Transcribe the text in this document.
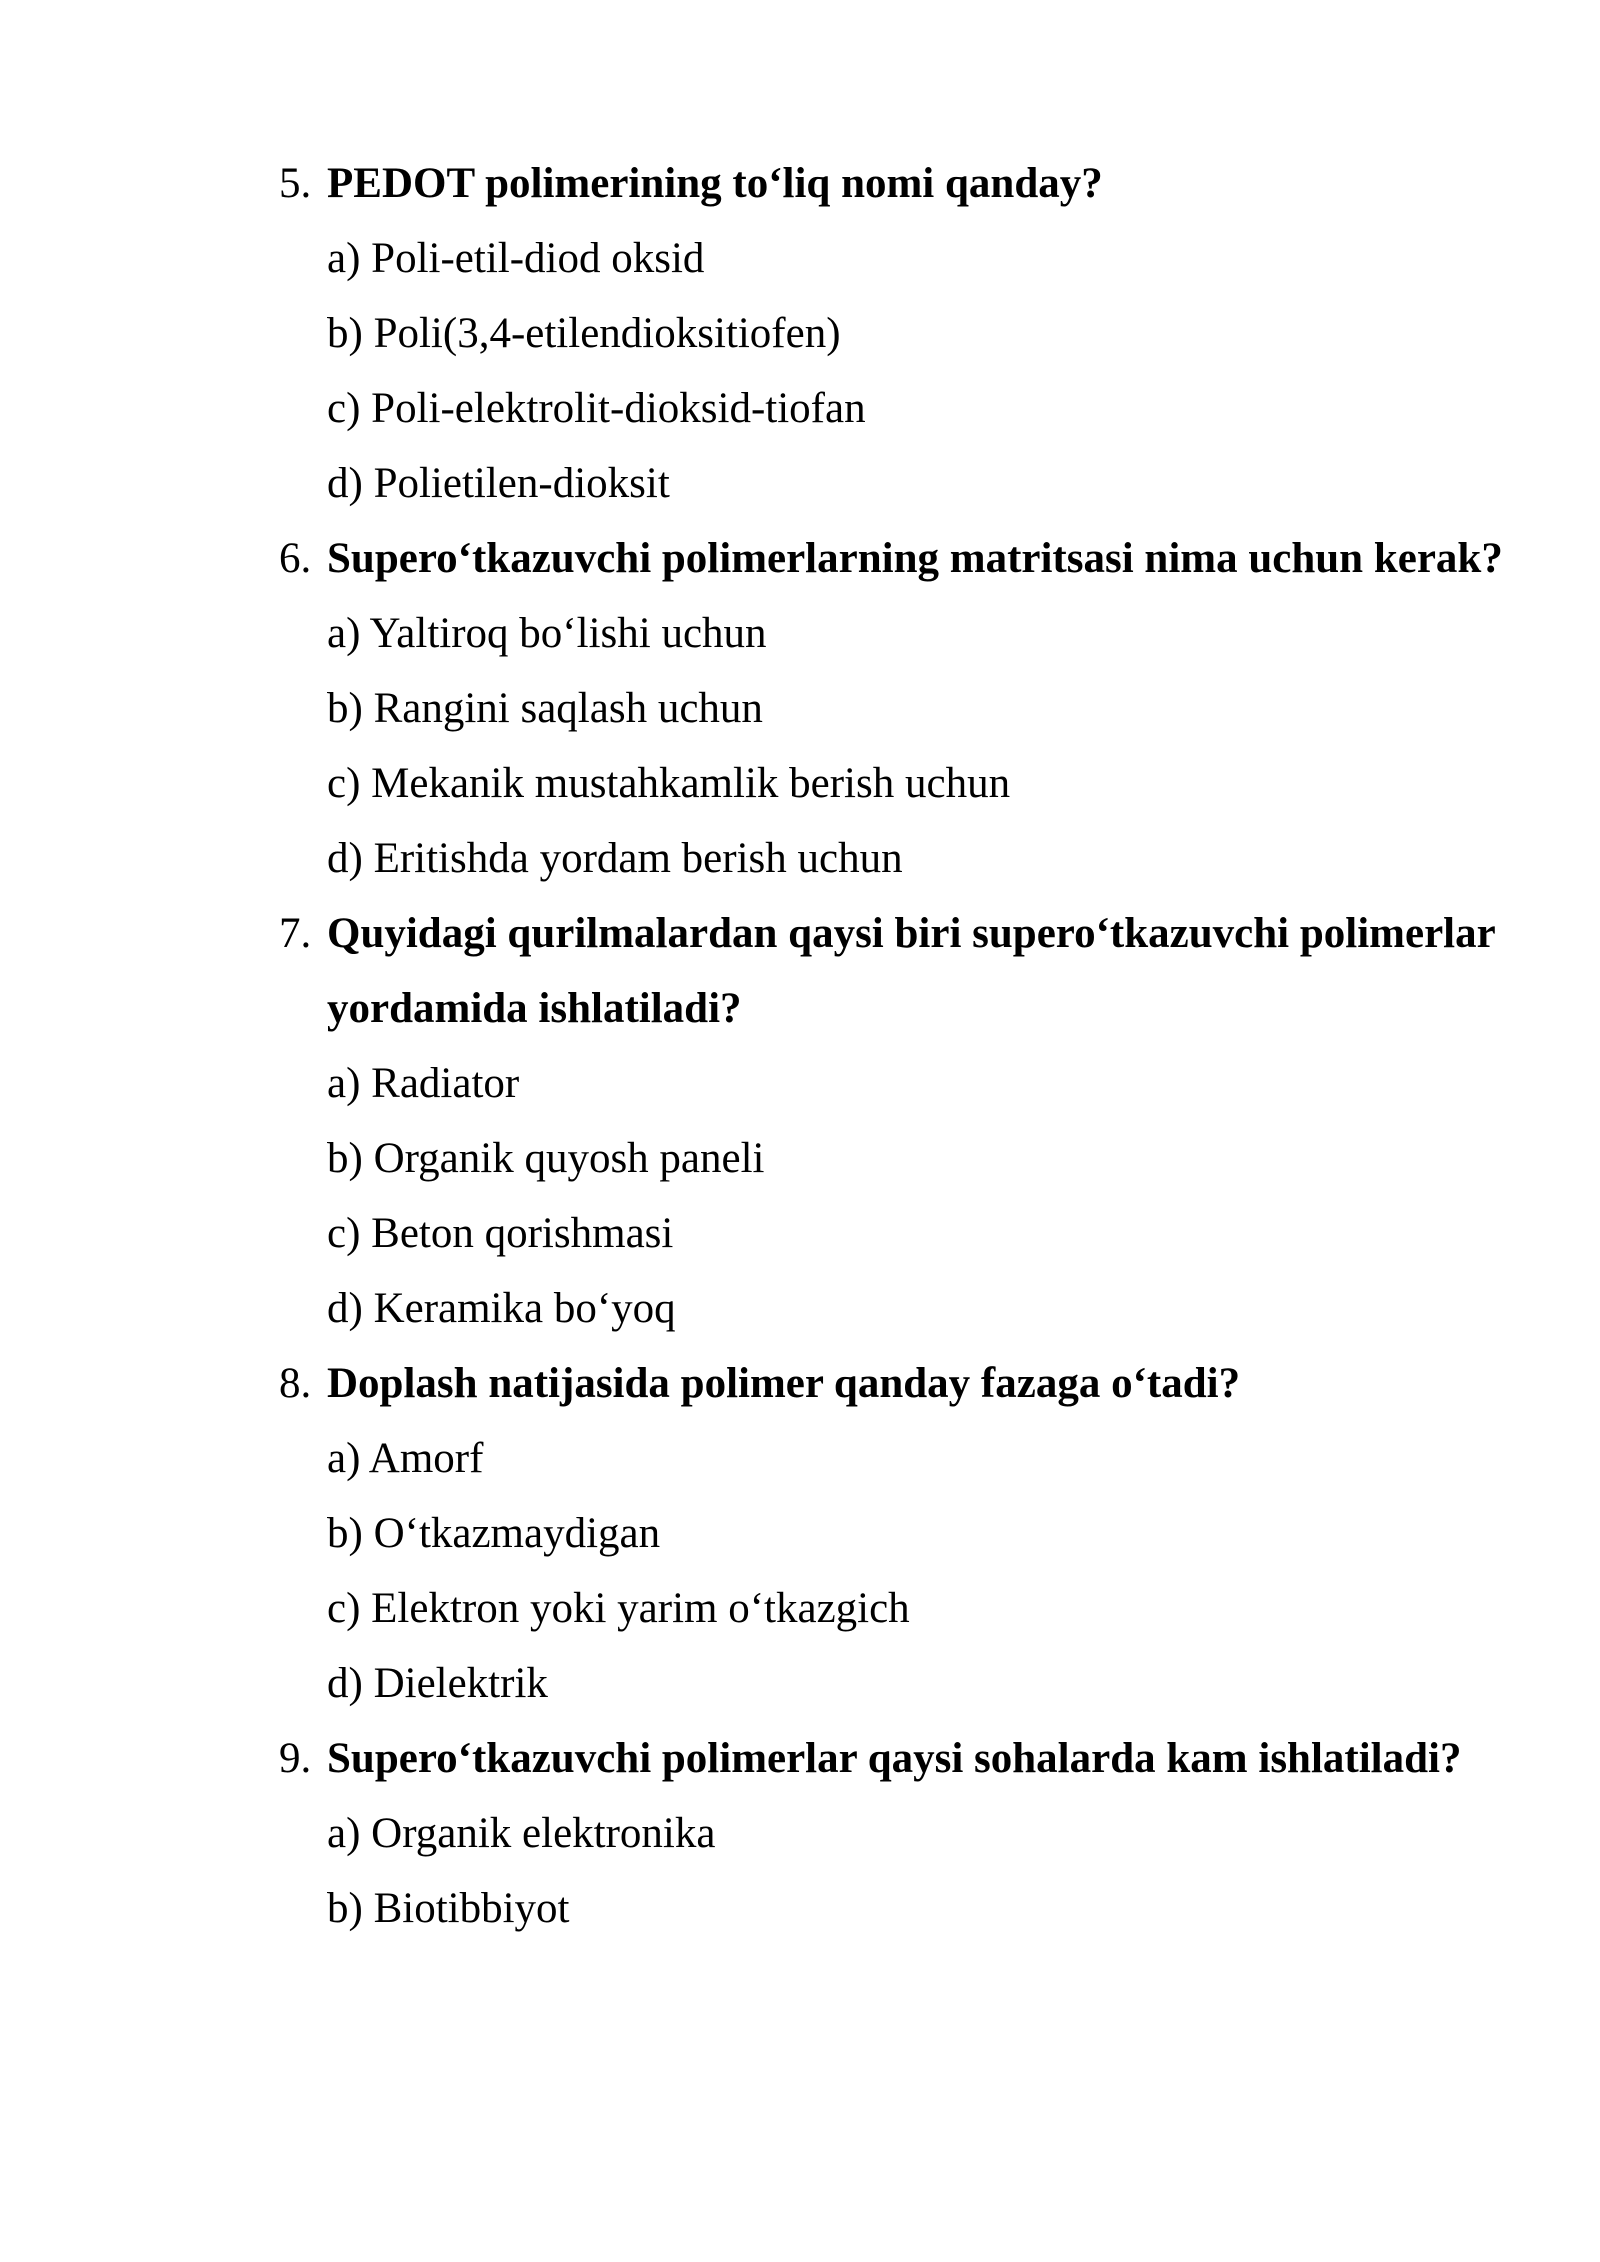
5. PEDOT polimerining to‘liq nomi qanday?
a) Poli-etil-diod oksid
b) Poli(3,4-etilendioksitiofen)
c) Poli-elektrolit-dioksid-tiofan
d) Polietilen-dioksit
6. Supero‘tkazuvchi polimerlarning matritsasi nima uchun kerak?
a) Yaltiroq bo‘lishi uchun
b) Rangini saqlash uchun
c) Mekanik mustahkamlik berish uchun
d) Eritishda yordam berish uchun
7. Quyidagi qurilmalardan qaysi biri supero‘tkazuvchi polimerlar yordamida ishlatiladi?
a) Radiator
b) Organik quyosh paneli
c) Beton qorishmasi
d) Keramika bo‘yoq
8. Doplash natijasida polimer qanday fazaga o‘tadi?
a) Amorf
b) O‘tkazmaydigan
c) Elektron yoki yarim o‘tkazgich
d) Dielektrik
9. Supero‘tkazuvchi polimerlar qaysi sohalarda kam ishlatiladi?
a) Organik elektronika
b) Biotibbiyot
